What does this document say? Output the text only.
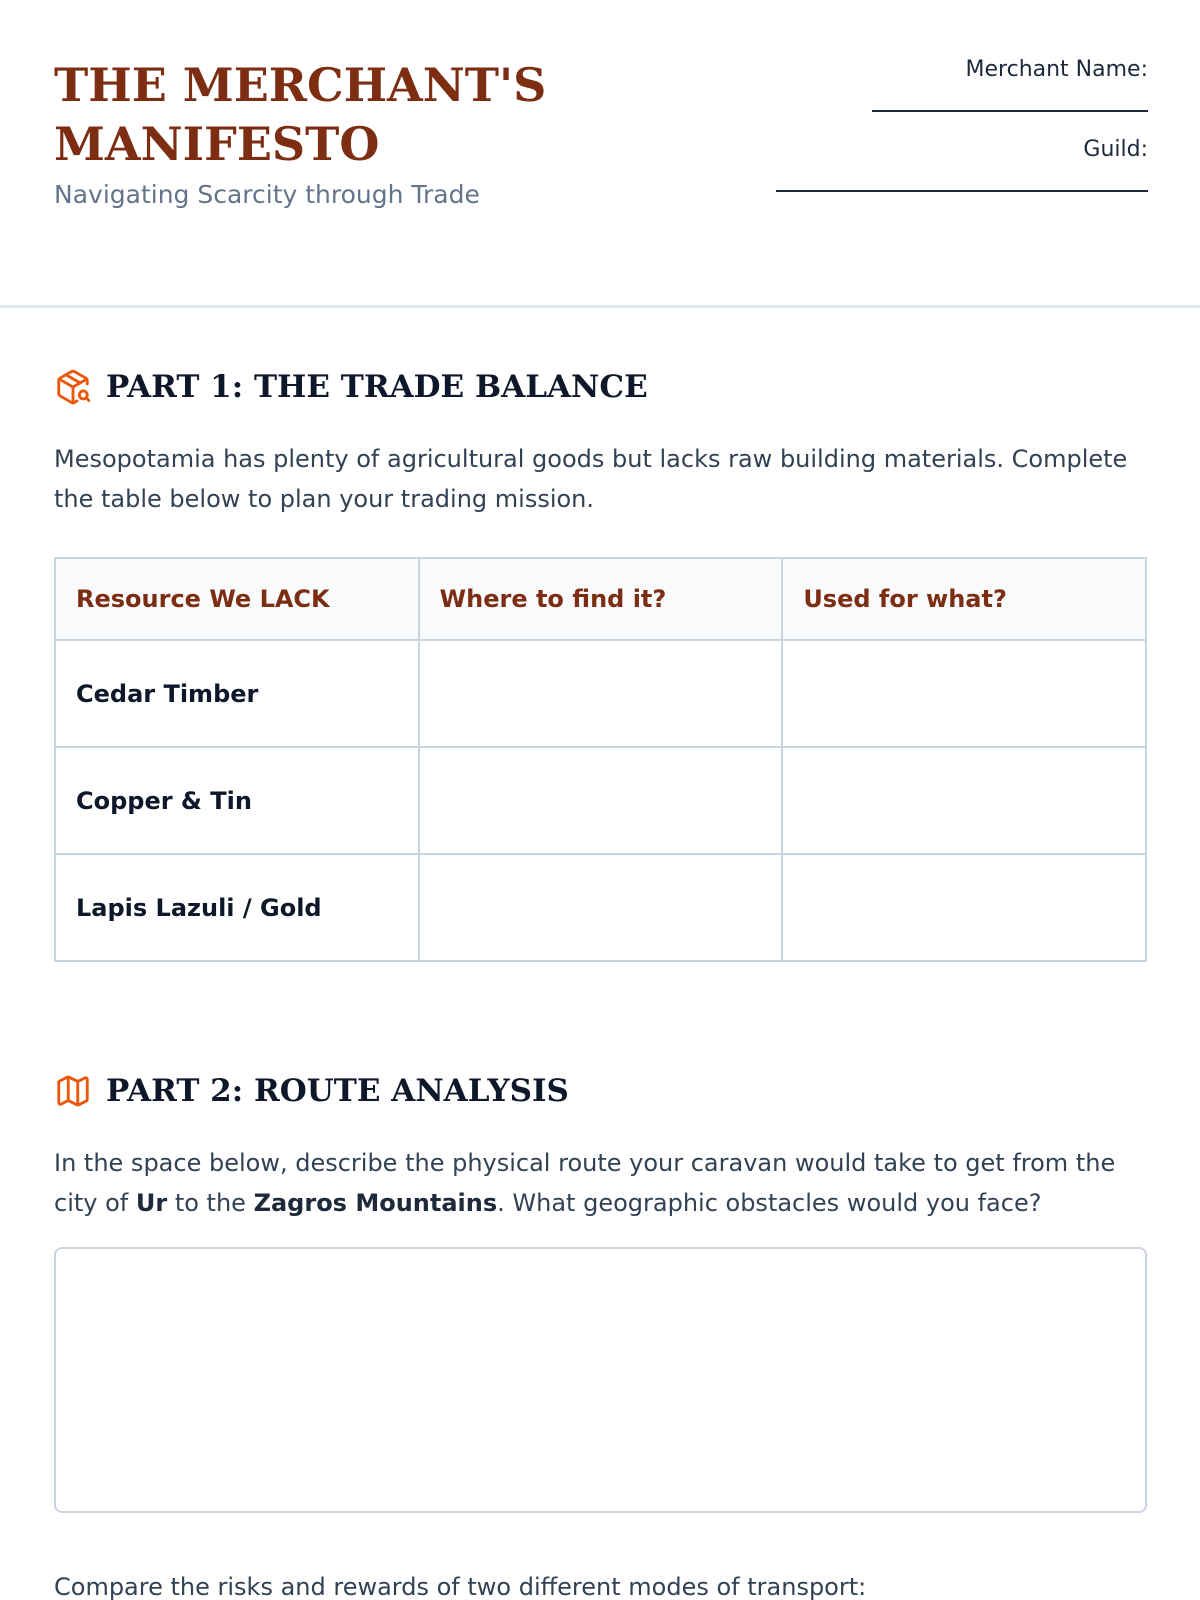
THE MERCHANT'S MANIFESTO
Navigating Scarcity through Trade
Merchant Name:
Guild:
PART 1: THE TRADE BALANCE
Mesopotamia has plenty of agricultural goods but lacks raw building materials. Complete the table below to plan your trading mission.
Resource We LACK	Where to find it?	Used for what?
Cedar Timber		
Copper & Tin		
Lapis Lazuli / Gold		
PART 2: ROUTE ANALYSIS
In the space below, describe the physical route your caravan would take to get from the city of Ur to the Zagros Mountains. What geographic obstacles would you face?
Compare the risks and rewards of two different modes of transport:
